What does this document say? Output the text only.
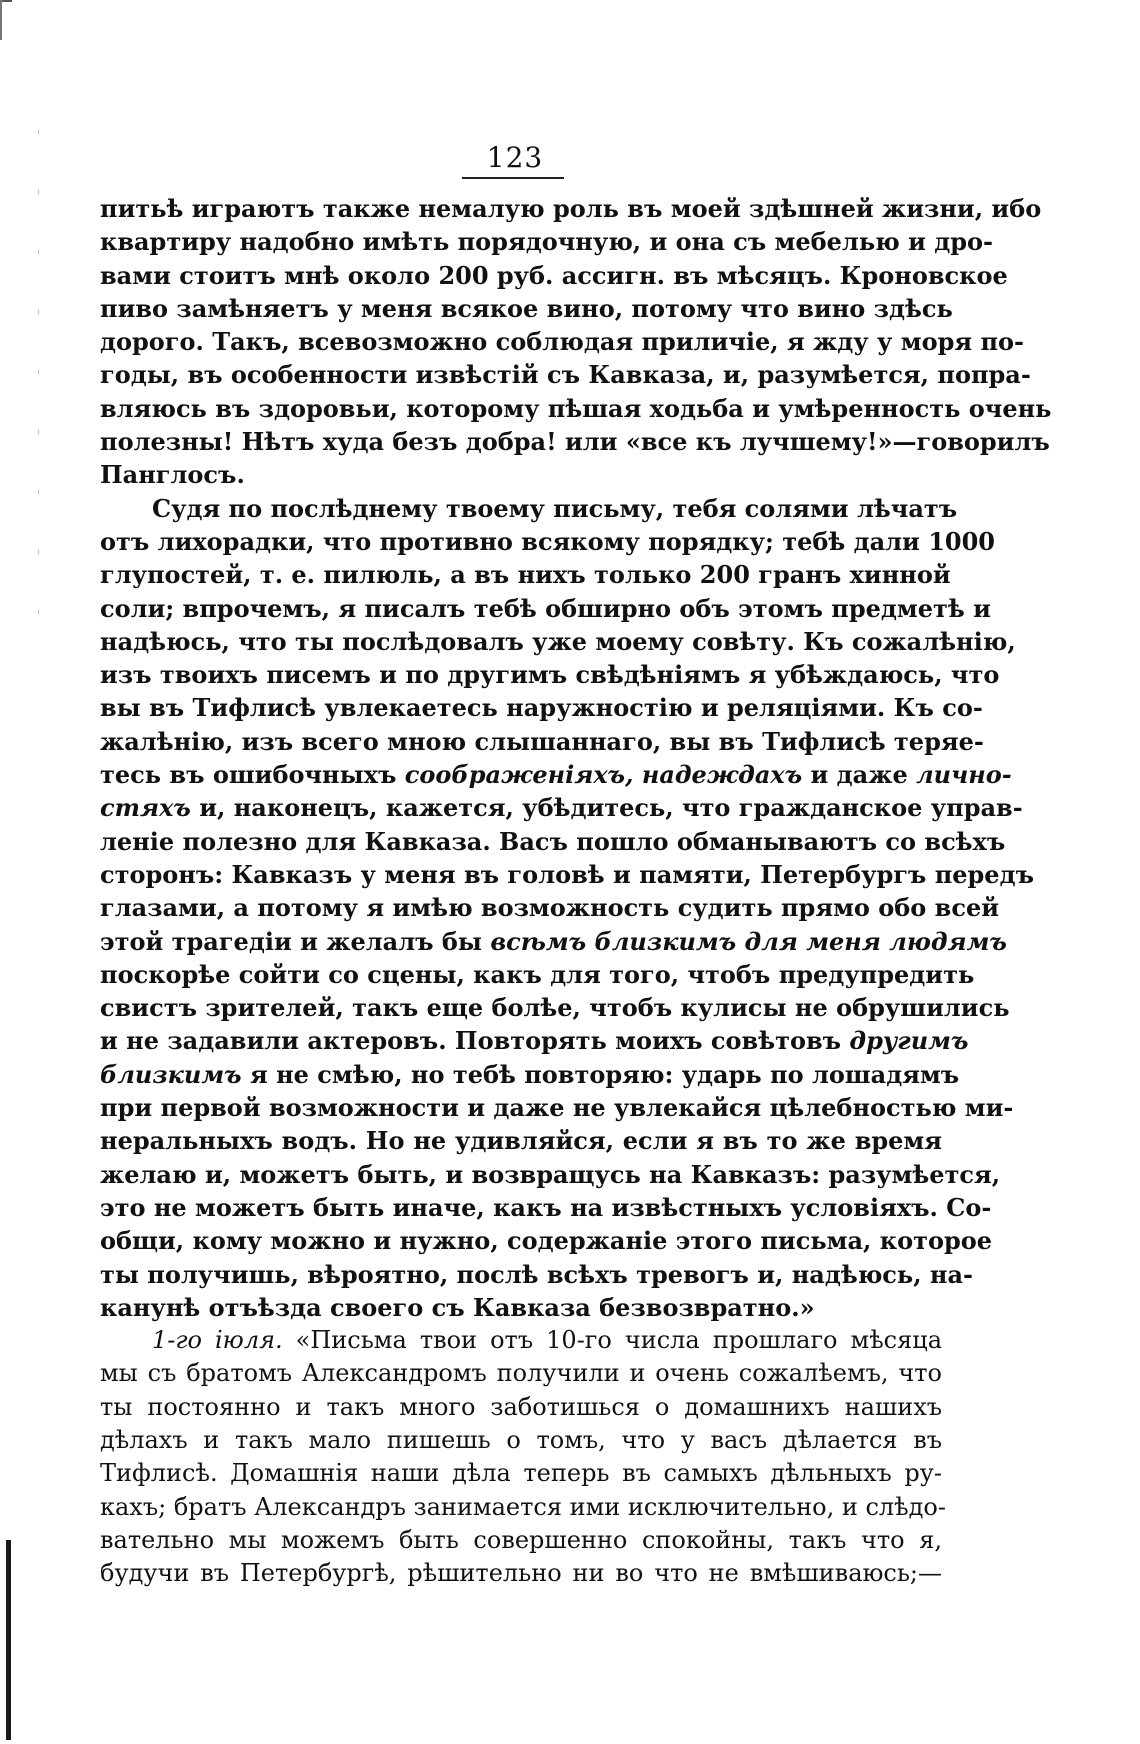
123
питьѣ играютъ также немалую роль въ моей здѣшней жизни, ибо
квартиру надобно имѣть порядочную, и она съ мебелью и дро-
вами стоитъ мнѣ около 200 руб. ассигн. въ мѣсяцъ. Кроновское
пиво замѣняетъ у меня всякое вино, потому что вино здѣсь
дорого. Такъ, всевозможно соблюдая приличіе, я жду у моря по-
годы, въ особенности извѣстій съ Кавказа, и, разумѣется, попра-
вляюсь въ здоровьи, которому пѣшая ходьба и умѣренность очень
полезны! Нѣтъ худа безъ добра! или «все къ лучшему!»—говорилъ
Панглосъ.
Судя по послѣднему твоему письму, тебя солями лѣчатъ
отъ лихорадки, что противно всякому порядку; тебѣ дали 1000
глупостей, т. е. пилюль, а въ нихъ только 200 гранъ хинной
соли; впрочемъ, я писалъ тебѣ обширно объ этомъ предметѣ и
надѣюсь, что ты послѣдовалъ уже моему совѣту. Къ сожалѣнію,
изъ твоихъ писемъ и по другимъ свѣдѣніямъ я убѣждаюсь, что
вы въ Тифлисѣ увлекаетесь наружностію и реляціями. Къ со-
жалѣнію, изъ всего мною слышаннаго, вы въ Тифлисѣ теряе-
тесь въ ошибочныхъ соображеніяхъ, надеждахъ и даже лично-
стяхъ и, наконецъ, кажется, убѣдитесь, что гражданское управ-
леніе полезно для Кавказа. Васъ пошло обманываютъ со всѣхъ
сторонъ: Кавказъ у меня въ головѣ и памяти, Петербургъ передъ
глазами, а потому я имѣю возможность судить прямо обо всей
этой трагедіи и желалъ бы всѣмъ близкимъ для меня людямъ
поскорѣе сойти со сцены, какъ для того, чтобъ предупредить
свистъ зрителей, такъ еще болѣе, чтобъ кулисы не обрушились
и не задавили актеровъ. Повторять моихъ совѣтовъ другимъ
близкимъ я не смѣю, но тебѣ повторяю: ударь по лошадямъ
при первой возможности и даже не увлекайся цѣлебностью ми-
неральныхъ водъ. Но не удивляйся, если я въ то же время
желаю и, можетъ быть, и возвращусь на Кавказъ: разумѣется,
это не можетъ быть иначе, какъ на извѣстныхъ условіяхъ. Со-
общи, кому можно и нужно, содержаніе этого письма, которое
ты получишь, вѣроятно, послѣ всѣхъ тревогъ и, надѣюсь, на-
канунѣ отъѣзда своего съ Кавказа безвозвратно.»
1-го іюля. «Письма твои отъ 10-го числа прошлаго мѣсяца
мы съ братомъ Александромъ получили и очень сожалѣемъ, что
ты постоянно и такъ много заботишься о домашнихъ нашихъ
дѣлахъ и такъ мало пишешь о томъ, что у васъ дѣлается въ
Тифлисѣ. Домашнія наши дѣла теперь въ самыхъ дѣльныхъ ру-
кахъ; братъ Александръ занимается ими исключительно, и слѣдо-
вательно мы можемъ быть совершенно спокойны, такъ что я,
будучи въ Петербургѣ, рѣшительно ни во что не вмѣшиваюсь;—
